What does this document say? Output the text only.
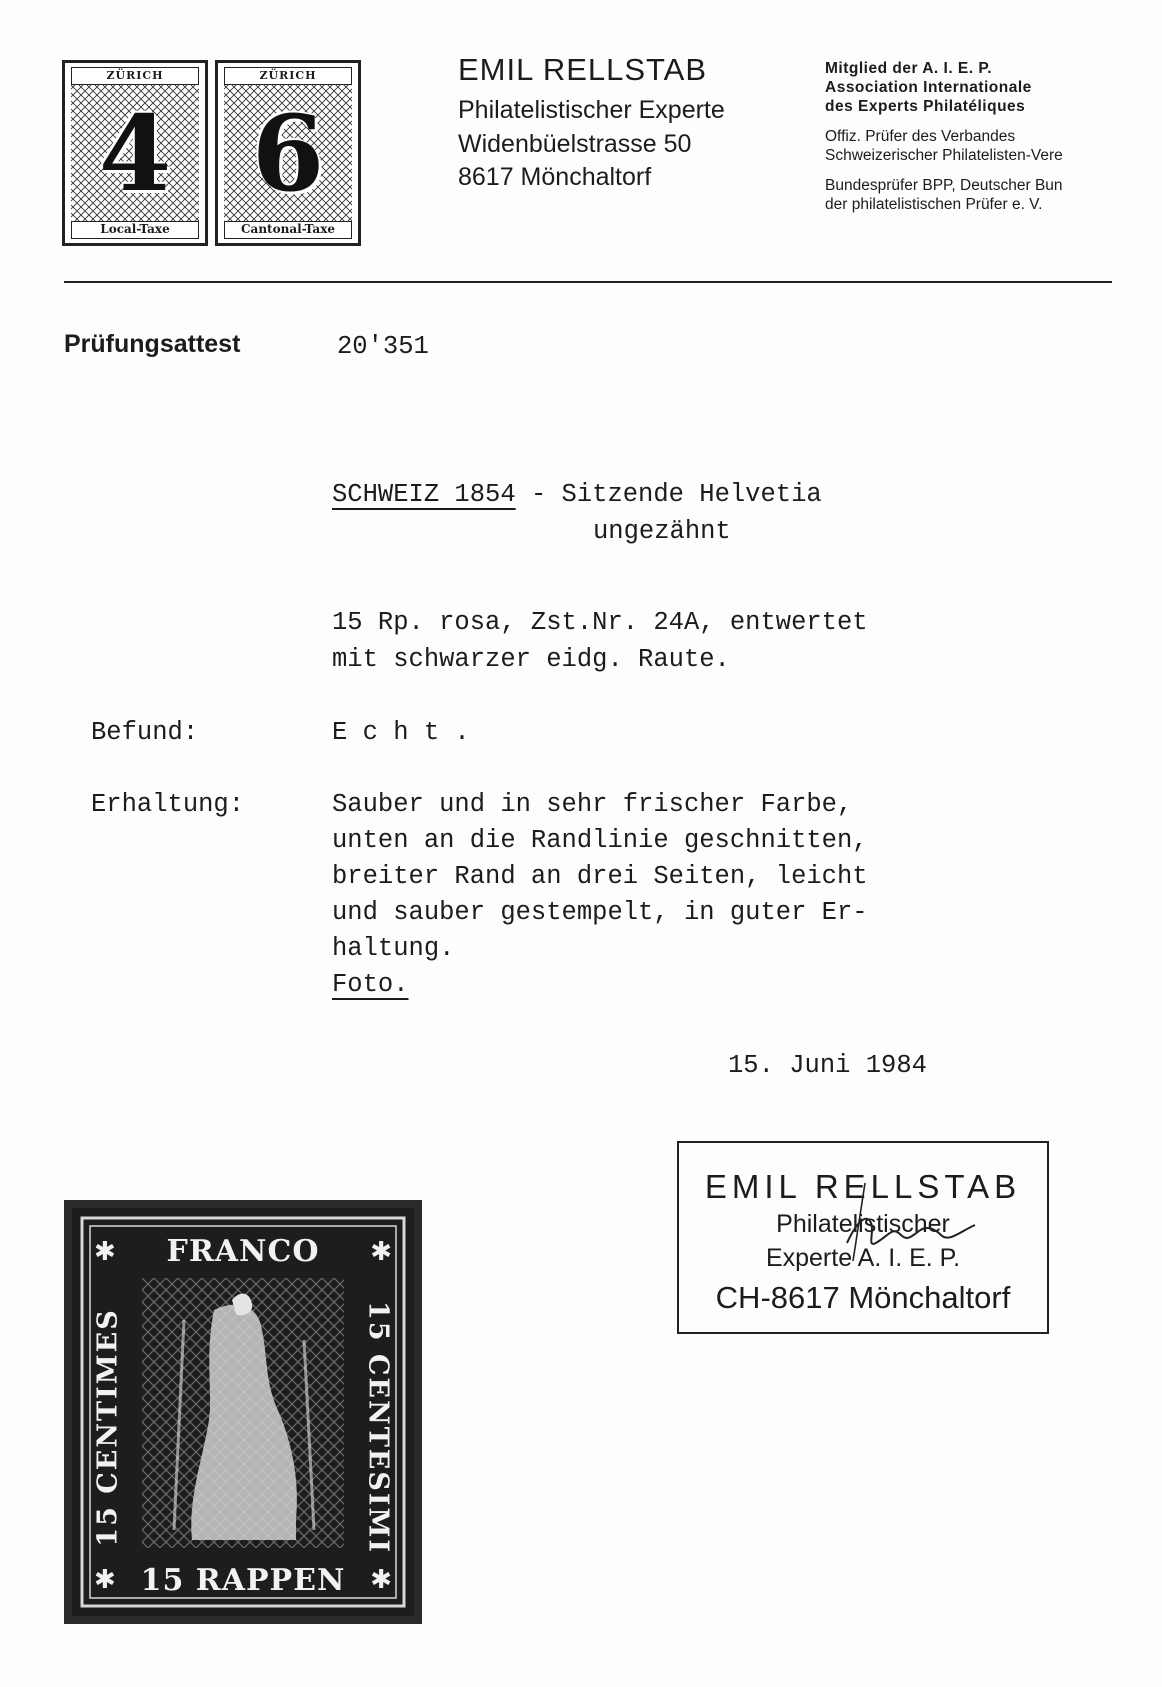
ZÜRICH
4
Local-Taxe
ZÜRICH
6
Cantonal-Taxe
EMIL RELLSTAB
Philatelistischer Experte
Widenbüelstrasse 50
8617 Mönchaltorf
Mitglied der A. I. E. P.
Association Internationale
des Experts Philatéliques
Offiz. Prüfer des Verbandes
Schweizerischer Philatelisten-Vere
Bundesprüfer BPP, Deutscher Bun
der philatelistischen Prüfer e. V.
Prüfungsattest	20'351
SCHWEIZ 1854 - Sitzende Helvetia
ungezähnt
15 Rp. rosa, Zst.Nr. 24A, entwertet
mit schwarzer eidg. Raute.
Befund:	E c h t .
Erhaltung:	Sauber und in sehr frischer Farbe,
unten an die Randlinie geschnitten,
breiter Rand an drei Seiten, leicht
und sauber gestempelt, in guter Er-
haltung.
Foto.
15. Juni 1984
EMIL RELLSTAB
Philatelistischer
Experte A. I. E. P.
CH-8617 Mönchaltorf
FRANCO
15 CENTIMES	15 CENTESIMI
15 RAPPEN
✱	✱
✱	✱
